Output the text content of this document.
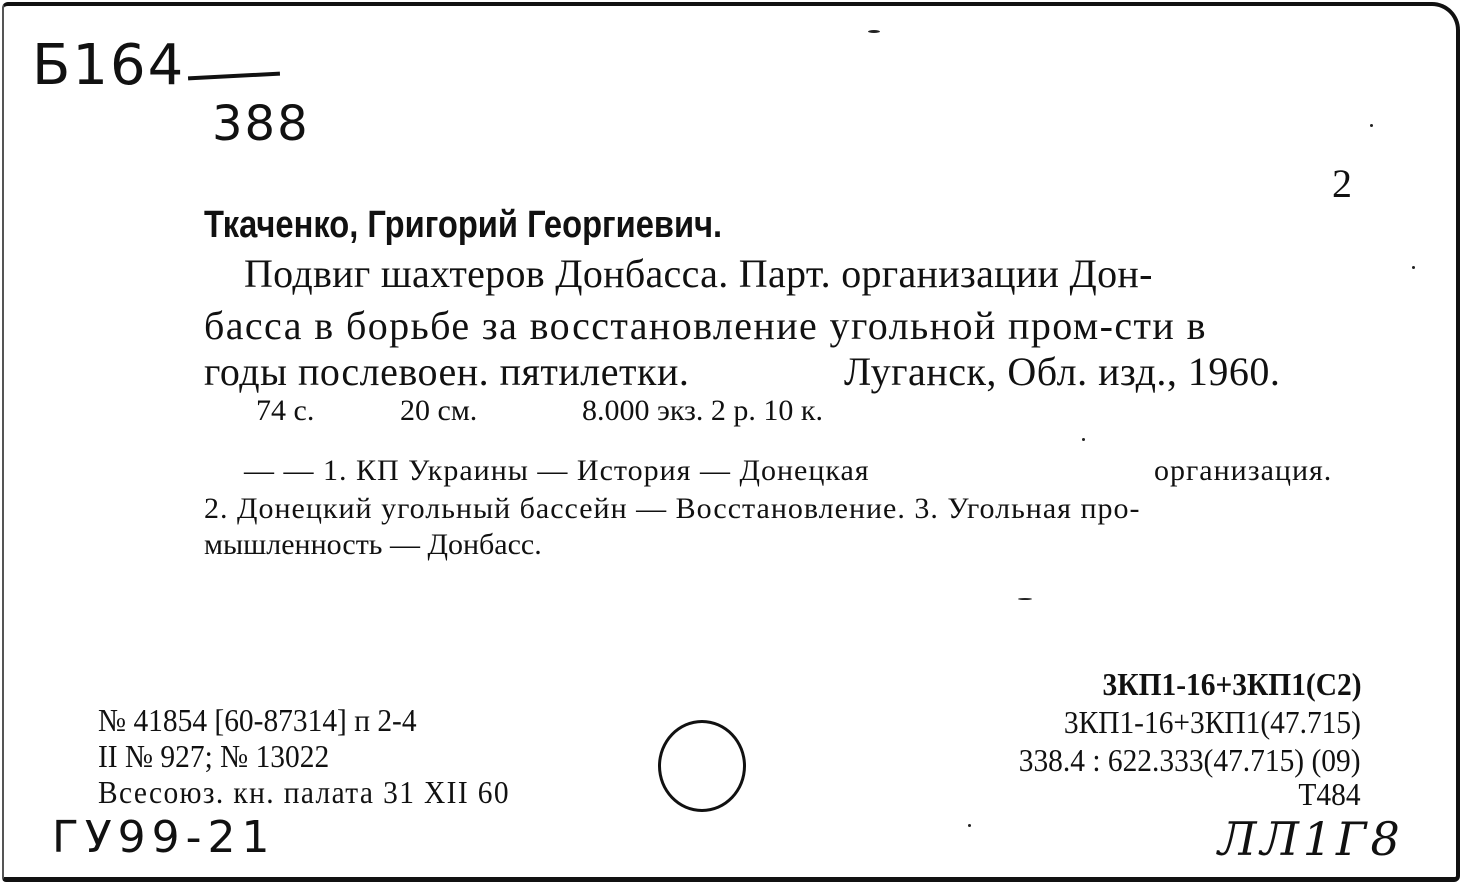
Б164
388
2
Ткаченко, Григорий Георгиевич.
Подвиг шахтеров Донбасса. Парт. организации Дон-
басса в борьбе за восстановление угольной пром-сти в
годы послевоен. пятилетки.	Луганск, Обл. изд., 1960.
74 с.	20 см.	8.000 экз. 2 р. 10 к.
— — 1. КП Украины — История — Донецкая	организация.
2. Донецкий угольный бассейн — Восстановление. 3. Угольная про-
мышленность — Донбасс.
№ 41854 [60-87314] п 2-4
II № 927; № 13022
Всесоюз. кн. палата 31 XII 60
3КП1-16+3КП1(С2)
3КП1-16+3КП1(47.715)
338.4 : 622.333(47.715) (09)
Т484
ГУ99-21	ЛЛ1Г8
